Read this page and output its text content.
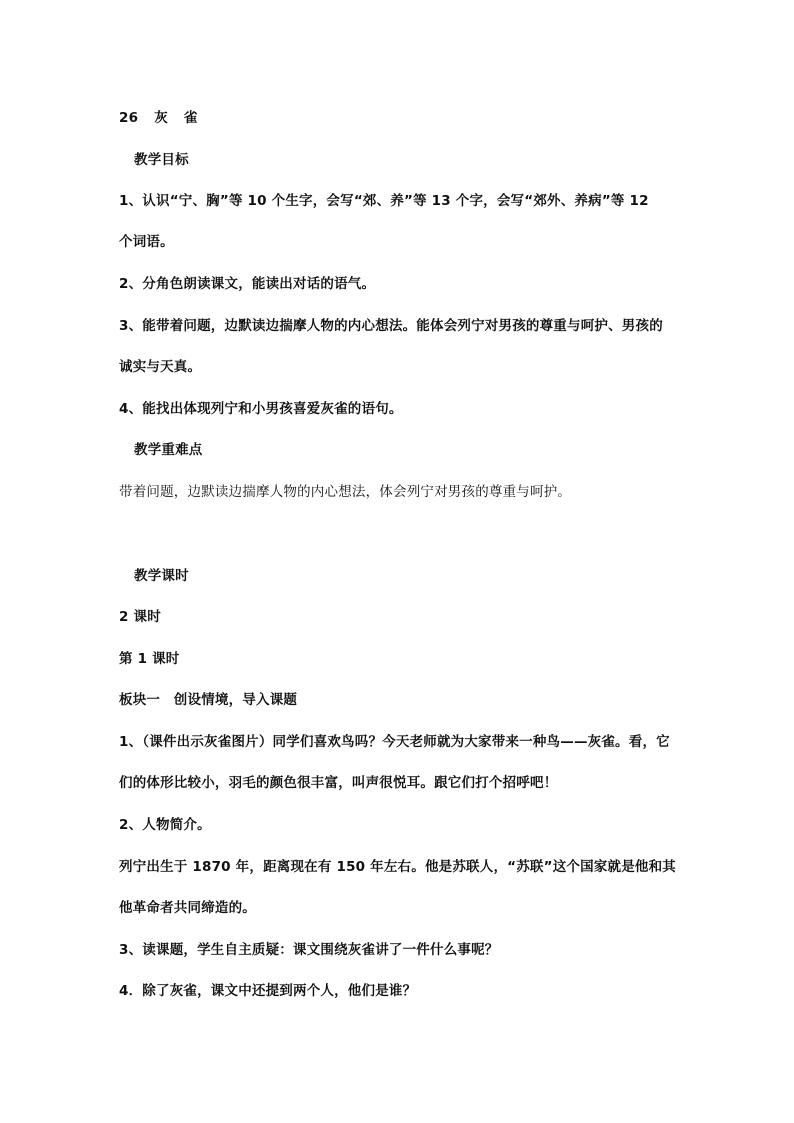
26 灰 雀
教学目标
1、认识“宁、胸”等 10 个生字，会写“郊、养”等 13 个字，会写“郊外、养病”等 12
个词语。
2、分角色朗读课文，能读出对话的语气。
3、能带着问题，边默读边揣摩人物的内心想法。能体会列宁对男孩的尊重与呵护、男孩的
诚实与天真。
4、能找出体现列宁和小男孩喜爱灰雀的语句。
教学重难点
带着问题，边默读边揣摩人物的内心想法，体会列宁对男孩的尊重与呵护。
教学课时
2 课时
第 1 课时
板块一　创设情境，导入课题
1、（课件出示灰雀图片）同学们喜欢鸟吗？今天老师就为大家带来一种鸟——灰雀。看，它
们的体形比较小，羽毛的颜色很丰富，叫声很悦耳。跟它们打个招呼吧！
2、人物简介。
列宁出生于 1870 年，距离现在有 150 年左右。他是苏联人，“苏联”这个国家就是他和其
他革命者共同缔造的。
3、读课题，学生自主质疑：课文围绕灰雀讲了一件什么事呢？
4．除了灰雀，课文中还提到两个人，他们是谁？
